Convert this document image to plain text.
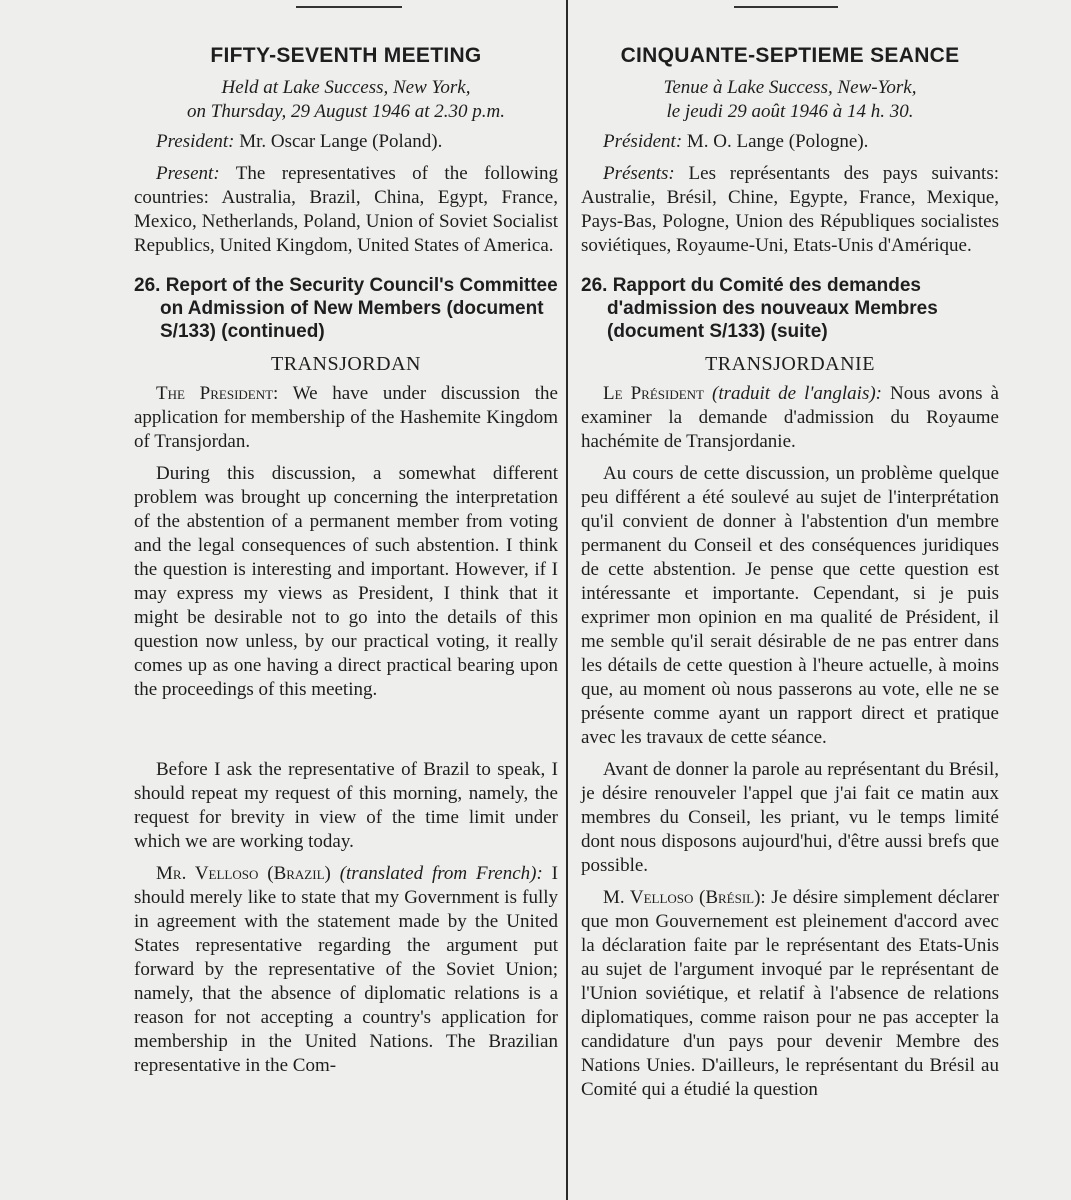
FIFTY-SEVENTH MEETING
Held at Lake Success, New York,
on Thursday, 29 August 1946 at 2.30 p.m.
President: Mr. Oscar Lange (Poland).
Present: The representatives of the following countries: Australia, Brazil, China, Egypt, France, Mexico, Netherlands, Poland, Union of Soviet Socialist Republics, United Kingdom, United States of America.
26. Report of the Security Council's Committee on Admission of New Members (document S/133) (continued)
TRANSJORDAN
The President: We have under discussion the application for membership of the Hashemite Kingdom of Transjordan.
During this discussion, a somewhat different problem was brought up concerning the interpretation of the abstention of a permanent member from voting and the legal consequences of such abstention. I think the question is interesting and important. However, if I may express my views as President, I think that it might be desirable not to go into the details of this question now unless, by our practical voting, it really comes up as one having a direct practical bearing upon the proceedings of this meeting.
Before I ask the representative of Brazil to speak, I should repeat my request of this morning, namely, the request for brevity in view of the time limit under which we are working today.
Mr. Velloso (Brazil) (translated from French): I should merely like to state that my Government is fully in agreement with the statement made by the United States representative regarding the argument put forward by the representative of the Soviet Union; namely, that the absence of diplomatic relations is a reason for not accepting a country's application for membership in the United Nations. The Brazilian representative in the Com-
CINQUANTE-SEPTIEME SEANCE
Tenue à Lake Success, New-York,
le jeudi 29 août 1946 à 14 h. 30.
Président: M. O. Lange (Pologne).
Présents: Les représentants des pays suivants: Australie, Brésil, Chine, Egypte, France, Mexique, Pays-Bas, Pologne, Union des Républiques socialistes soviétiques, Royaume-Uni, Etats-Unis d'Amérique.
26. Rapport du Comité des demandes d'admission des nouveaux Membres (document S/133) (suite)
TRANSJORDANIE
Le Président (traduit de l'anglais): Nous avons à examiner la demande d'admission du Royaume hachémite de Transjordanie.
Au cours de cette discussion, un problème quelque peu différent a été soulevé au sujet de l'interprétation qu'il convient de donner à l'abstention d'un membre permanent du Conseil et des conséquences juridiques de cette abstention. Je pense que cette question est intéressante et importante. Cependant, si je puis exprimer mon opinion en ma qualité de Président, il me semble qu'il serait désirable de ne pas entrer dans les détails de cette question à l'heure actuelle, à moins que, au moment où nous passerons au vote, elle ne se présente comme ayant un rapport direct et pratique avec les travaux de cette séance.
Avant de donner la parole au représentant du Brésil, je désire renouveler l'appel que j'ai fait ce matin aux membres du Conseil, les priant, vu le temps limité dont nous disposons aujourd'hui, d'être aussi brefs que possible.
M. Velloso (Brésil): Je désire simplement déclarer que mon Gouvernement est pleinement d'accord avec la déclaration faite par le représentant des Etats-Unis au sujet de l'argument invoqué par le représentant de l'Union soviétique, et relatif à l'absence de relations diplomatiques, comme raison pour ne pas accepter la candidature d'un pays pour devenir Membre des Nations Unies. D'ailleurs, le représentant du Brésil au Comité qui a étudié la question
